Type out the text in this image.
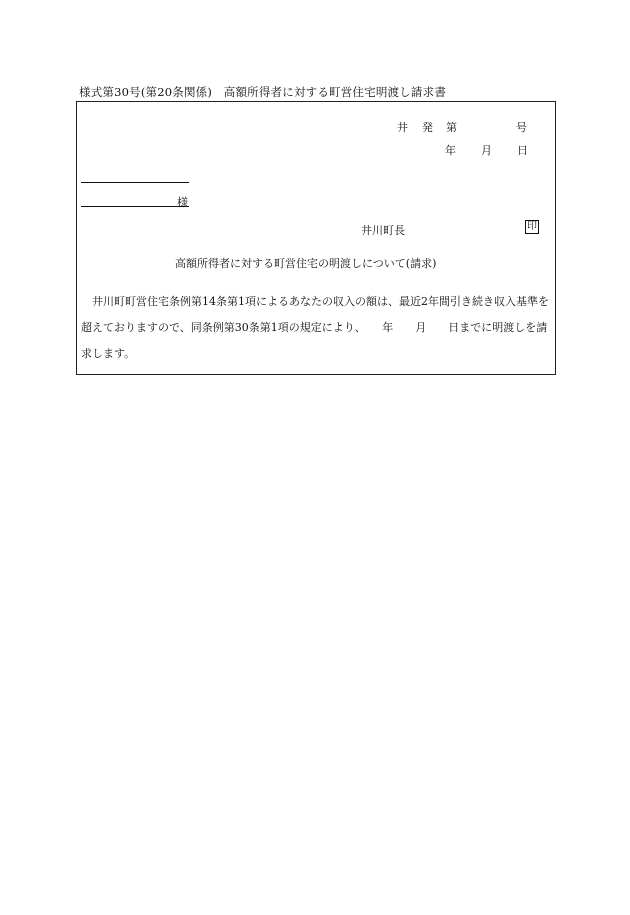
様式第30号(第20条関係)　高額所得者に対する町営住宅明渡し請求書
井 発 第	号
年 月 日
様
井川町長	印
高額所得者に対する町営住宅の明渡しについて(請求)

井川町町営住宅条例第14条第1項によるあなたの収入の額は、最近2年間引き続き収入基準を超えておりますので、同条例第30条第1項の規定により、　　年　　月　　日までに明渡しを請求します。
